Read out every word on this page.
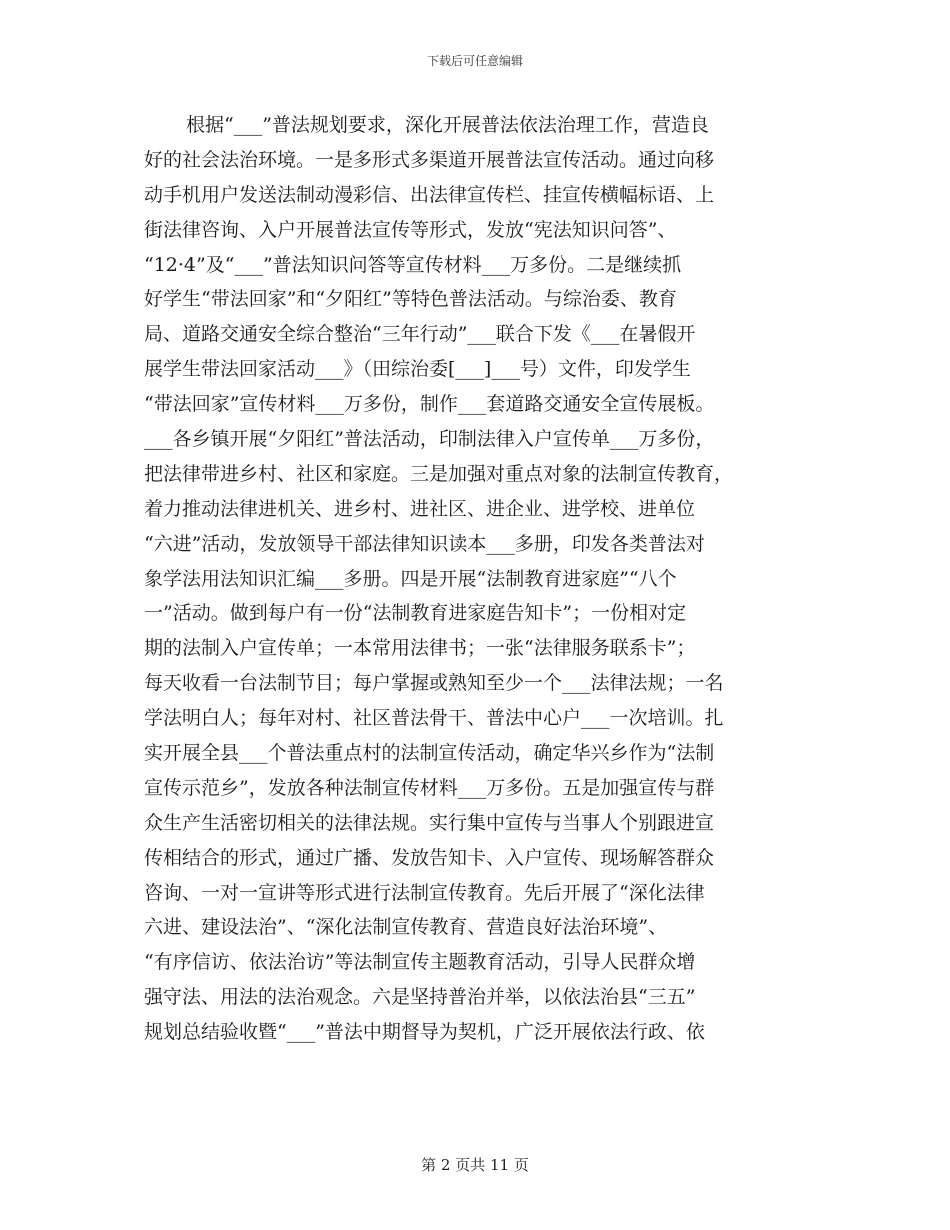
下载后可任意编辑
根据“___”普法规划要求，深化开展普法依法治理工作，营造良
好的社会法治环境。一是多形式多渠道开展普法宣传活动。通过向移
动手机用户发送法制动漫彩信、出法律宣传栏、挂宣传横幅标语、上
街法律咨询、入户开展普法宣传等形式，发放“宪法知识问答”、
“12·4”及“___”普法知识问答等宣传材料___万多份。二是继续抓
好学生“带法回家”和“夕阳红”等特色普法活动。与综治委、教育
局、道路交通安全综合整治“三年行动”___联合下发《___在暑假开
展学生带法回家活动___》（田综治委[___]___号）文件，印发学生
“带法回家”宣传材料___万多份，制作___套道路交通安全宣传展板。
___各乡镇开展“夕阳红”普法活动，印制法律入户宣传单___万多份，
把法律带进乡村、社区和家庭。三是加强对重点对象的法制宣传教育，
着力推动法律进机关、进乡村、进社区、进企业、进学校、进单位
“六进”活动，发放领导干部法律知识读本___多册，印发各类普法对
象学法用法知识汇编___多册。四是开展“法制教育进家庭”“八个
一”活动。做到每户有一份“法制教育进家庭告知卡”；一份相对定
期的法制入户宣传单；一本常用法律书；一张“法律服务联系卡”；
每天收看一台法制节目；每户掌握或熟知至少一个___法律法规；一名
学法明白人；每年对村、社区普法骨干、普法中心户___一次培训。扎
实开展全县___个普法重点村的法制宣传活动，确定华兴乡作为“法制
宣传示范乡”，发放各种法制宣传材料___万多份。五是加强宣传与群
众生产生活密切相关的法律法规。实行集中宣传与当事人个别跟进宣
传相结合的形式，通过广播、发放告知卡、入户宣传、现场解答群众
咨询、一对一宣讲等形式进行法制宣传教育。先后开展了“深化法律
六进、建设法治”、“深化法制宣传教育、营造良好法治环境”、
“有序信访、依法治访”等法制宣传主题教育活动，引导人民群众增
强守法、用法的法治观念。六是坚持普治并举，以依法治县“三五”
规划总结验收暨“___”普法中期督导为契机，广泛开展依法行政、依
第 2 页共 11 页
